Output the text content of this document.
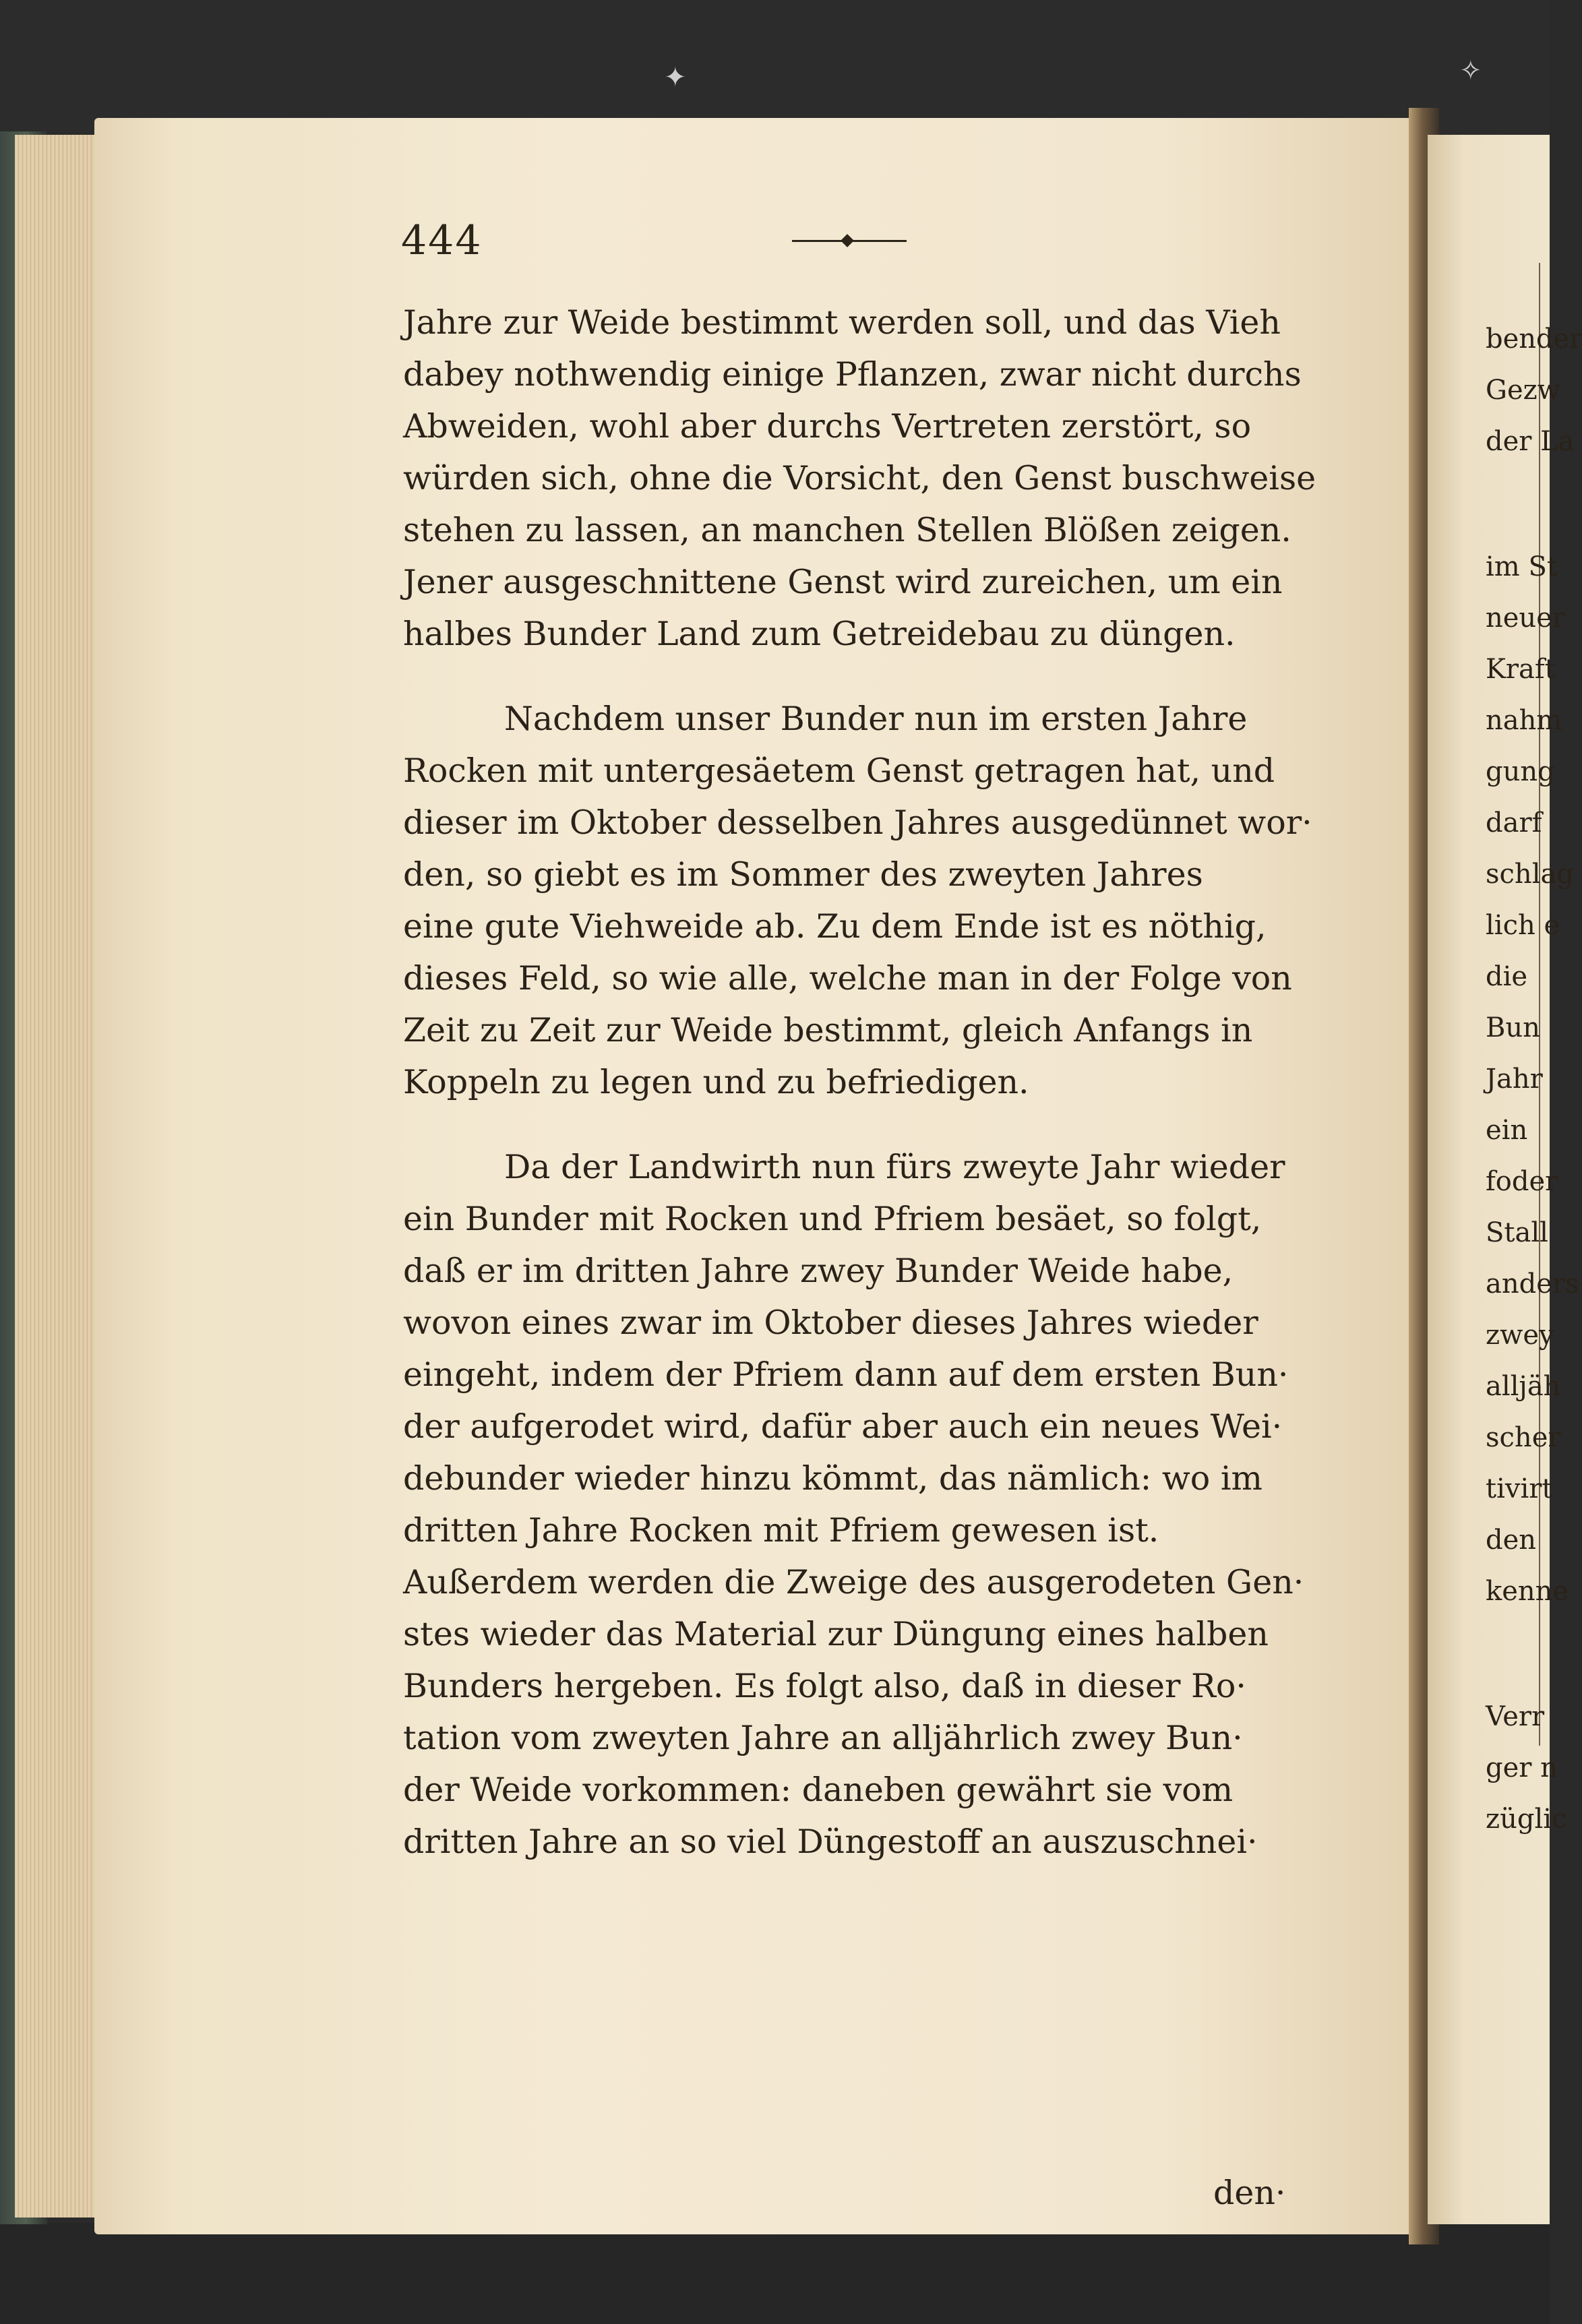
✦	✧
444
Jahre zur Weide bestimmt werden soll, und das Vieh
dabey nothwendig einige Pflanzen, zwar nicht durchs
Abweiden, wohl aber durchs Vertreten zerstört, so
würden sich, ohne die Vorsicht, den Genst buschweise
stehen zu lassen, an manchen Stellen Blößen zeigen.
Jener ausgeschnittene Genst wird zureichen, um ein
halbes Bunder Land zum Getreidebau zu düngen.
Nachdem unser Bunder nun im ersten Jahre
Rocken mit untergesäetem Genst getragen hat, und
dieser im Oktober desselben Jahres ausgedünnet wor·
den, so giebt es im Sommer des zweyten Jahres
eine gute Viehweide ab. Zu dem Ende ist es nöthig,
dieses Feld, so wie alle, welche man in der Folge von
Zeit zu Zeit zur Weide bestimmt, gleich Anfangs in
Koppeln zu legen und zu befriedigen.
Da der Landwirth nun fürs zweyte Jahr wieder
ein Bunder mit Rocken und Pfriem besäet, so folgt,
daß er im dritten Jahre zwey Bunder Weide habe,
wovon eines zwar im Oktober dieses Jahres wieder
eingeht, indem der Pfriem dann auf dem ersten Bun·
der aufgerodet wird, dafür aber auch ein neues Wei·
debunder wieder hinzu kömmt, das nämlich: wo im
dritten Jahre Rocken mit Pfriem gewesen ist.
Außerdem werden die Zweige des ausgerodeten Gen·
stes wieder das Material zur Düngung eines halben
Bunders hergeben. Es folgt also, daß in dieser Ro·
tation vom zweyten Jahre an alljährlich zwey Bun·
der Weide vorkommen: daneben gewährt sie vom
dritten Jahre an so viel Düngestoff an auszuschnei·
den·
bender
Gezw
der La
im St
neuer
Kraft
nahm
gung
darf
schlag
lich e
die
Bun
Jahr
ein
foder
Stall
anders
zwey
alljäh
scher
tivirt
den
kenne
Verr
ger n
züglic
